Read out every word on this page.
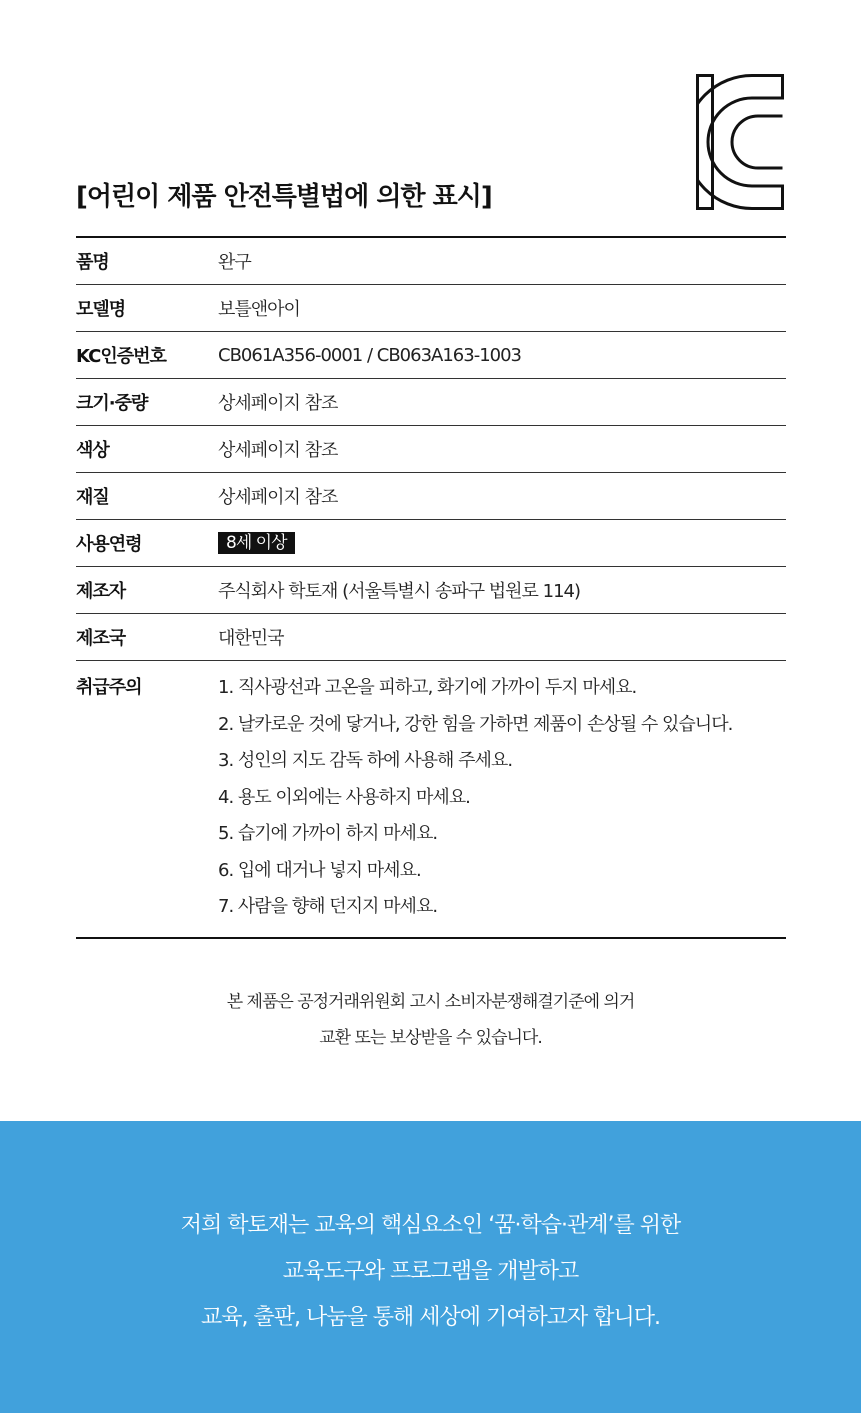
[어린이 제품 안전특별법에 의한 표시]
품명	완구
모델명	보틀앤아이
KC인증번호	CB061A356-0001 / CB063A163-1003
크기·중량	상세페이지 참조
색상	상세페이지 참조
재질	상세페이지 참조
사용연령	8세 이상
제조자	주식회사 학토재 (서울특별시 송파구 법원로 114)
제조국	대한민국
취급주의	1. 직사광선과 고온을 피하고, 화기에 가까이 두지 마세요.
2. 날카로운 것에 닿거나, 강한 힘을 가하면 제품이 손상될 수 있습니다.
3. 성인의 지도 감독 하에 사용해 주세요.
4. 용도 이외에는 사용하지 마세요.
5. 습기에 가까이 하지 마세요.
6. 입에 대거나 넣지 마세요.
7. 사람을 향해 던지지 마세요.
본 제품은 공정거래위원회 고시 소비자분쟁해결기준에 의거
교환 또는 보상받을 수 있습니다.
저희 학토재는 교육의 핵심요소인 ‘꿈·학습·관계’를 위한
교육도구와 프로그램을 개발하고
교육, 출판, 나눔을 통해 세상에 기여하고자 합니다.
